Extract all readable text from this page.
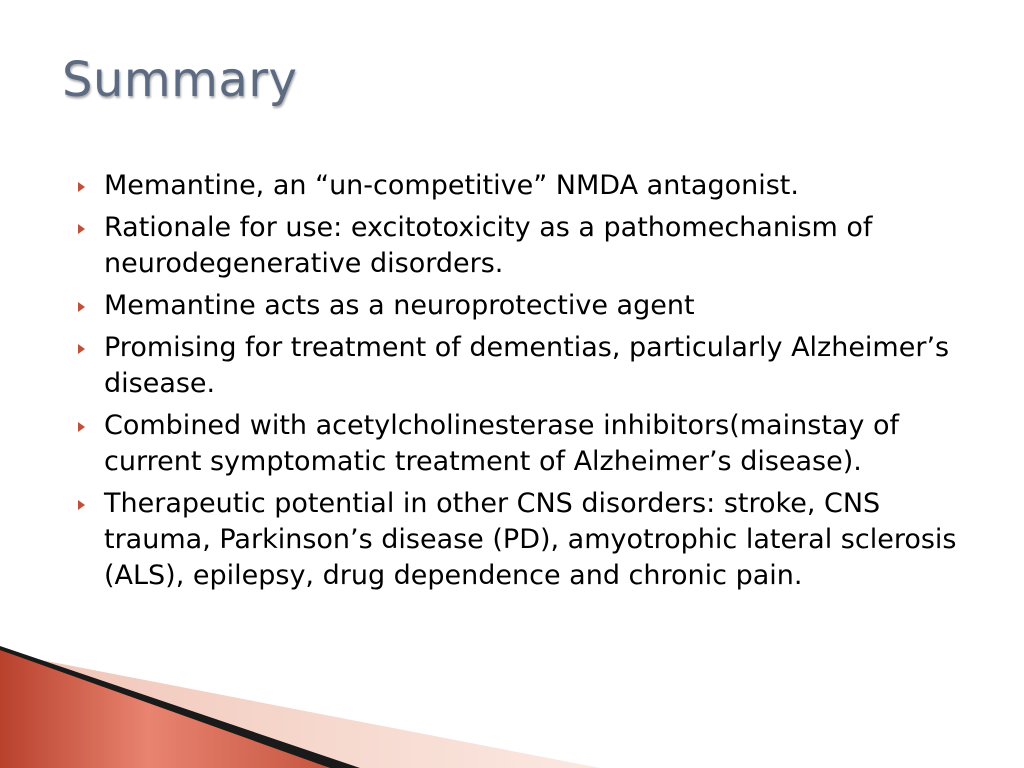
Summary
Memantine, an “un-competitive” NMDA antagonist.
Rationale for use: excitotoxicity as a pathomechanism of neurodegenerative disorders.
Memantine acts as a neuroprotective agent
Promising for treatment of dementias, particularly Alzheimer’s disease.
Combined with acetylcholinesterase inhibitors(mainstay of current symptomatic treatment of Alzheimer’s disease).
Therapeutic potential in other CNS disorders: stroke, CNS trauma, Parkinson’s disease (PD), amyotrophic lateral sclerosis (ALS), epilepsy, drug dependence and chronic pain.
